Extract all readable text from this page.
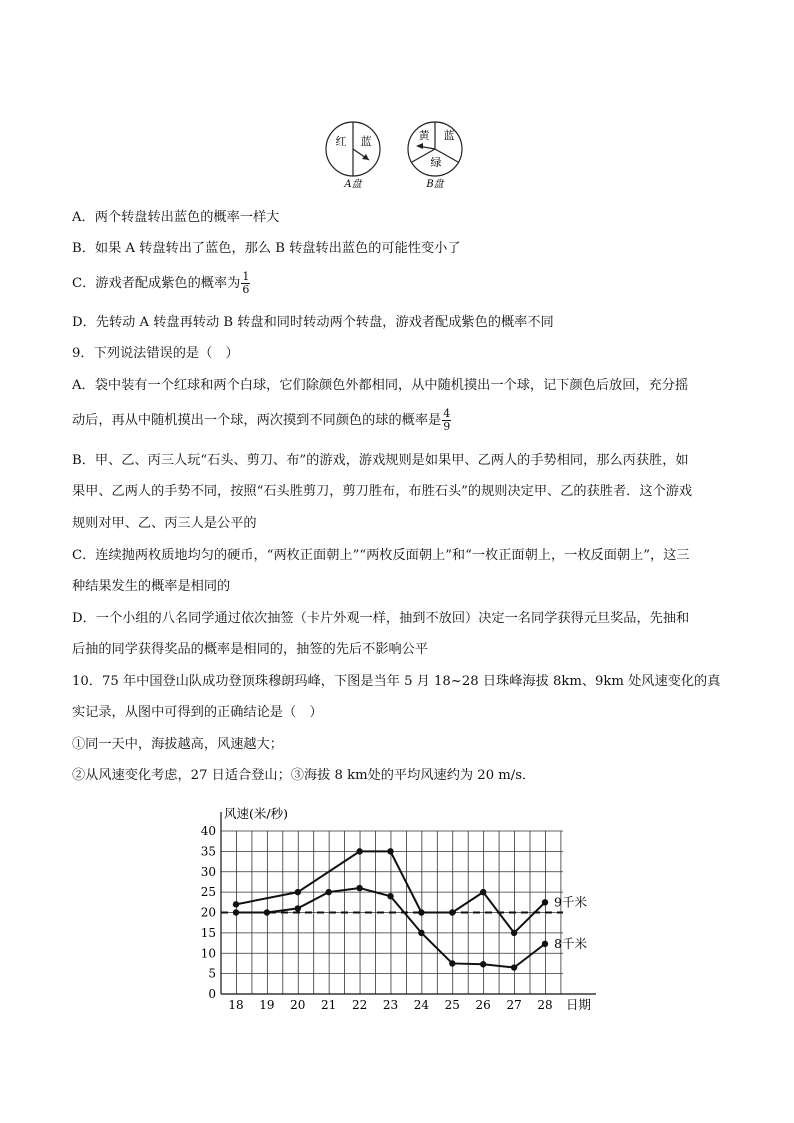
红 蓝
A盘
黄 蓝
绿
B盘
A．两个转盘转出蓝色的概率一样大
B．如果 A 转盘转出了蓝色，那么 B 转盘转出蓝色的可能性变小了
C．游戏者配成紫色的概率为 $\frac{1}{6}$
D．先转动 A 转盘再转动 B 转盘和同时转动两个转盘，游戏者配成紫色的概率不同
9．下列说法错误的是（　）
A．袋中装有一个红球和两个白球，它们除颜色外都相同，从中随机摸出一个球，记下颜色后放回，充分摇
动后，再从中随机摸出一个球，两次摸到不同颜色的球的概率是 $\frac{4}{9}$
B．甲、乙、丙三人玩“石头、剪刀、布”的游戏，游戏规则是如果甲、乙两人的手势相同，那么丙获胜，如
果甲、乙两人的手势不同，按照“石头胜剪刀，剪刀胜布，布胜石头”的规则决定甲、乙的获胜者．这个游戏
规则对甲、乙、丙三人是公平的
C．连续抛两枚质地均匀的硬币，“两枚正面朝上”“两枚反面朝上”和“一枚正面朝上，一枚反面朝上”，这三
种结果发生的概率是相同的
D．一个小组的八名同学通过依次抽签（卡片外观一样，抽到不放回）决定一名同学获得元旦奖品，先抽和
后抽的同学获得奖品的概率是相同的，抽签的先后不影响公平
10．75 年中国登山队成功登顶珠穆朗玛峰，下图是当年 5 月 18~28 日珠峰海拔 8km、9km 处风速变化的真
实记录，从图中可得到的正确结论是（　）
①同一天中，海拔越高，风速越大；
②从风速变化考虑，27 日适合登山；③海拔 8 km处的平均风速约为 20 m/s．
0
5
10
15
20
25
30
35
40
18 19 20 21 22 23 24 25 26 27 28
风速(米/秒)
日期
9千米
8千米
